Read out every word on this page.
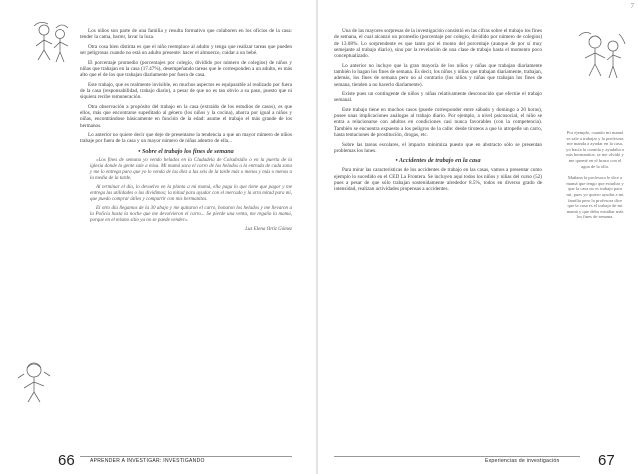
Los niños son parte de una familia y resulta formativo que colaboren en los oficios de la casa: tender la cama, barrer, lavar la loza.

Otra cosa bien distinta es que el niño reemplace al adulto y tenga que realizar tareas que pueden ser peligrosas cuando no está un adulto presente: hacer el almuerzo, cuidar a un bebé.

El porcentaje promedio (porcentajes por colegio, dividido por número de colegios) de niños y niñas que trabajan en la casa (17.47%), desempeñando tareas que le corresponden a un adulto, es más alto que el de los que trabajan diariamente por fuera de casa.

Este trabajo, que es realmente invisible, en muchos aspectos es equiparable al realizado por fuera de la casa (responsabilidad, trabajo diario), a pesar de que no es tan obvio a su paso, puesto que ni siquiera recibe remuneración.

Otra observación a propósito del trabajo en la casa (extraído de los estudios de casos), es que ellos, más que encontrarse supeditado al género (los niños y la cocina), abarca por igual a niños y niñas, encontrándose básicamente en función de la edad: asume el trabajo el más grande de los hermanos.

Lo anterior no quiere decir que deje de presentarse la tendencia a que un mayor número de niños trabaje por fuera de la casa y un mayor número de niñas adentro de ella...

• Sobre el trabajo los fines de semana

«Los fines de semana yo vendo helados en la Ciudadela de Colsubsidio o en la puerta de la iglesia donde la gente sale a misa. Mi mamá saca el carro de los helados a la entrada de cada zona y me lo entrega para que yo lo venda de las diez a las seis de la tarde más o menos y más o menos a la media de la tarde.

Al terminar el día, lo devuelvo en la planta a mi mamá, ella paga lo que tiene que pagar y me entrega las utilidades o las dividimos; la mitad para ayudar con el mercado y la otra mitad para mí, que puedo comprar útiles y compartir con mis hermanitos.

El otro día llegamos de la 30 abajo y me quitaron el carro, bonaron los helados y me llevaron a la Policía hasta la noche que me devolvieron el carro... Se pierde una venta, me regaño la mamá, porque en el mismo sitio ya no se puede vender».

Luz Elena Ortiz Gómez

66	APRENDER A INVESTIGAR: INVESTIGANDO
7

Una de las mayores sorpresas de la investigación consistió en las cifras sobre el trabajo los fines de semana, el cual alcanzó un promedio (porcentaje por colegio, dividido por número de colegios) de 13.08%. Lo sorprendente es que tanto por el monto del porcentaje (aunque de por sí muy semejante al trabajo diario), sino por la revelación de una clase de trabajo hasta el momento poco conceptualizado.

Lo anterior no incluye que la gran mayoría de los niños y niñas que trabajan diariamente también lo hagan los fines de semana. Es decir, los niños y niñas que trabajan diariamente, trabajan, además, los fines de semana pero no al contrario (los niños y niñas que trabajan los fines de semana, tienden a no hacerlo diariamente).

Existe pues un contingente de niños y niñas relativamente desconocido que efectúe el trabajo semanal.

Este trabajo tiene en muchos casos (puede corresponder entre sábado y domingo a 20 horas), posee unas implicaciones análogas al trabajo diario. Por ejemplo, a nivel psicosocial, el niño se entra a relacionarse con adultos en condiciones casi nunca favorables (con la competencia). También se encuentra expuesto a los peligros de la calle: desde tiroteos a que lo atropelle un carro, hasta tentaciones de prostitución, drogas, etc.

Sobre las tareas escolares, el impacto minimiza puesto que en abstracto sólo se presentan problemas los lunes.

• Accidentes de trabajo en la casa

Para mirar las características de los accidentes de trabajo en las casas, vamos a presentar como ejemplo lo sucedido en el CED La Frontera. Se incluyen aquí todos los niños y niñas del curso (52) pues a pesar de que sólo trabajan sostenidamente alrededor 8.5%, todos en diverso grado de intensidad, realizan actividades propensas a accidentes.

Por ejemplo, cuando mi mamá se sale a trabajar y la profesora me manda a ayudar en la casa, yo hacía la comida y ayudaba a mis hermanitos; se me olvidó y me quemé en el brazo con el agua de la olla.

Mañana la profesora le dice a mamá que tengo que estudiar y que la casa no es trabajo para mí, pues yo quiero ayudar a mi familia pero la profesora dice que la casa es el trabajo de mi mamá y que debo estudiar más los fines de semana.

Experiencias de investigación	67
